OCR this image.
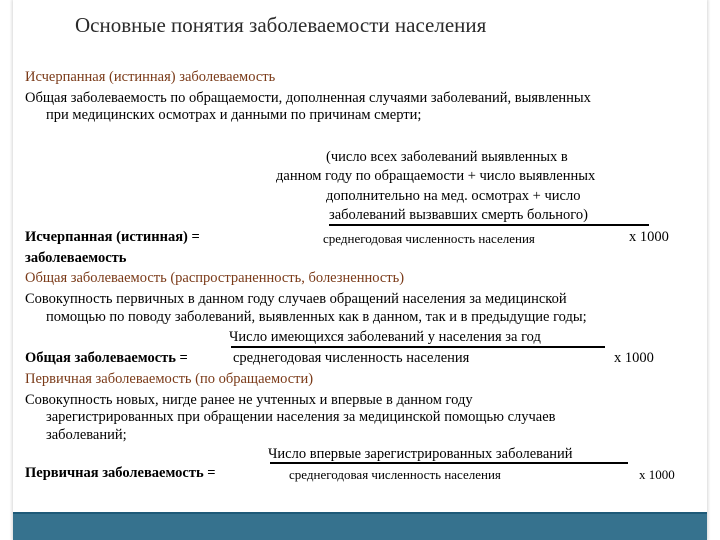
Основные понятия заболеваемости населения
Исчерпанная (истинная) заболеваемость
Общая заболеваемость по обращаемости, дополненная случаями заболеваний, выявленных
при медицинских осмотрах и данными по причинам смерти;
(число всех заболеваний выявленных в
данном году по обращаемости + число выявленных
дополнительно на мед. осмотрах + число
заболеваний вызвавших смерть больного)
Исчерпанная (истинная) =	среднегодовая численность населения	х 1000
заболеваемость
Общая заболеваемость (распространенность, болезненность)
Совокупность первичных в данном году случаев обращений населения за медицинской
помощью по поводу заболеваний, выявленных как в данном, так и в предыдущие годы;
Число имеющихся заболеваний у населения за год
Общая заболеваемость =	среднегодовая численность населения	х 1000
Первичная заболеваемость (по обращаемости)
Совокупность новых, нигде ранее не учтенных и впервые в данном году
зарегистрированных при обращении населения за медицинской помощью случаев
заболеваний;
Число впервые зарегистрированных заболеваний
Первичная заболеваемость =	среднегодовая численность населения	х 1000
